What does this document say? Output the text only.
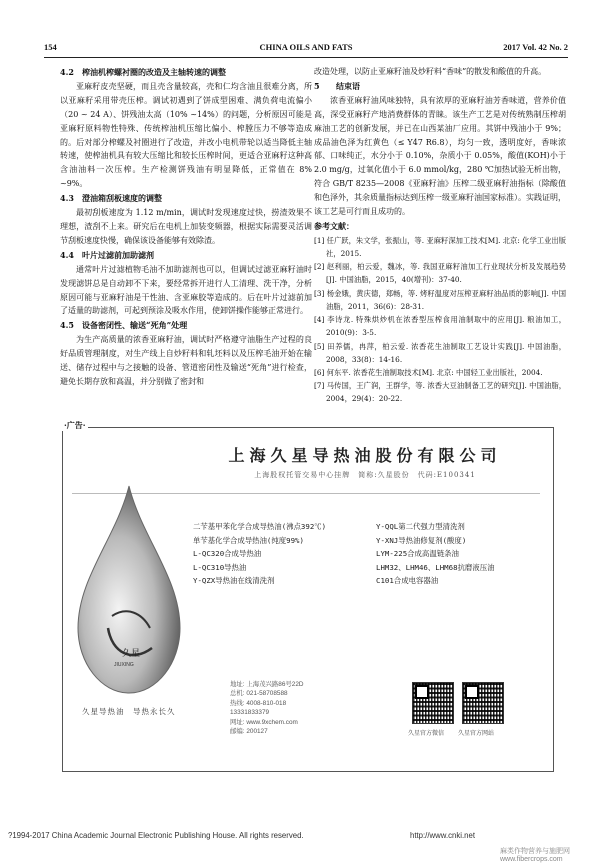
154	CHINA OILS AND FATS	2017 Vol. 42 No. 2
4.2 榨油机榨螺衬圈的改造及主轴转速的调整

亚麻籽皮壳坚硬，而且壳含量较高，壳和仁均含油且很难分离，所以亚麻籽采用带壳压榨。调试初遇到了饼成型困难、满负荷电流偏小（20 ~ 24 A）、饼残油太高（10% ~14%）的问题，分析原因可能是亚麻籽原料物性特殊、传统榨油机压缩比偏小、榨膛压力不够等造成的。后对部分榨螺及衬圈进行了改造，并改小电机带轮以适当降低主轴转速，使榨油机具有较大压缩比和较长压榨时间，更适合亚麻籽这种高含油油料一次压榨。生产检测饼残油有明显降低，正常值在 8% ~9%。

4.3 澄油箱刮板速度的调整

最初刮板速度为 1.12 m/min，调试时发现速度过快，捞渣效果不理想，渣刮不上来。研究后在电机上加装变频器，根据实际需要灵活调节刮板速度快慢，确保该设备能够有效除渣。

4.4 叶片过滤前加助滤剂

通常叶片过滤植物毛油不加助滤剂也可以，但调试过滤亚麻籽油时发现滤饼总是自动卸不下来，要经常拆开进行人工清理、洗干净，分析原因可能与亚麻籽油是干性油、含亚麻胶等造成的。后在叶片过滤前加了适量的助滤剂，可起到预涂及吸水作用，使卸饼操作能够正常进行。

4.5 设备密闭性、输送“死角”处理

为生产高质量的浓香亚麻籽油，调试时严格遵守油脂生产过程的良好品质管理制度，对生产线上自炒籽料和轧坯料以及压榨毛油开始在输送、储存过程中与之接触的设备、管道密闭性及输送“死角”进行检查，避免长期存放和高温，并分别做了密封和

改造处理，以防止亚麻籽油及炒籽料“香味”的散发和酸值的升高。

5 结束语

浓香亚麻籽油风味独特，具有浓厚的亚麻籽油芳香味道，营养价值高，深受亚麻籽产地消费群体的青睐。该生产工艺是对传统熟制压榨胡麻油工艺的创新发展，并已在山西某油厂应用。其饼中残油小于 9%；成品油色泽为红黄色（≤ Y47 R6.8），均匀一致，透明度好，香味浓郁、口味纯正，水分小于 0.10%，杂质小于 0.05%，酸值(KOH)小于 2.0 mg/g，过氧化值小于 6.0 mmol/kg，280 ℃加热试验无析出物，符合 GB/T 8235—2008《亚麻籽油》压榨二级亚麻籽油指标（除酸值和色泽外，其余质量指标达到压榨一级亚麻籽油国家标准）。实践证明，该工艺是可行而且成功的。

参考文献：
[1] 任广跃，朱文学，张振山，等. 亚麻籽深加工技术[M]. 北京: 化学工业出版社，2015.
[2] 赵利丽，柏云爱，魏冰，等. 我国亚麻籽油加工行业现状分析及发展趋势[J]. 中国油脂，2015，40(增刊)：37-40.
[3] 杨金娥，黄庆德，郑畅，等. 烤籽温度对压榨亚麻籽油品质的影响[J]. 中国油脂，2011，36(6)：28-31.
[4] 李诗龙. 特殊烘炒机在浓香型压榨食用油制取中的应用[J]. 粮油加工，2010(9)：3-5.
[5] 田养儒，冉萍，柏云爱. 浓香花生油制取工艺设计实践[J]. 中国油脂，2008，33(8)：14-16.
[6] 何东平. 浓香花生油制取技术[M]. 北京: 中国轻工业出版社，2004.
[7] 马传国，王广润，王群学，等. 浓香大豆油制备工艺的研究[J]. 中国油脂，2004，29(4)：20-22.
·广告·
上海久星导热油股份有限公司
上海股权托管交易中心挂牌　简称:久星股份　代码:E100341
久星
JIUXING
二苄基甲苯化学合成导热油(沸点392℃)
单苄基化学合成导热油(纯度99%)
L-QC320合成导热油
L-QC310导热油
Y-QZX导热油在线清洗剂
Y-QQL第二代强力型清洗剂
Y-XNJ导热油修复剂(酸度)
LYM-225合成高温链条油
LHM32、LHM46、LHM68抗磨液压油
C101合成电容器油
久星导热油　导热永长久
地址: 上海茂兴路86号22D
总机: 021-58708588
热线: 4008-810-018
13331833379
网址: www.9xchem.com
邮编: 200127	久星官方微信 久星官方网站
?1994-2017 China Academic Journal Electronic Publishing House. All rights reserved.	http://www.cnki.net
麻类作物营养与施肥网 www.fibercrops.com
